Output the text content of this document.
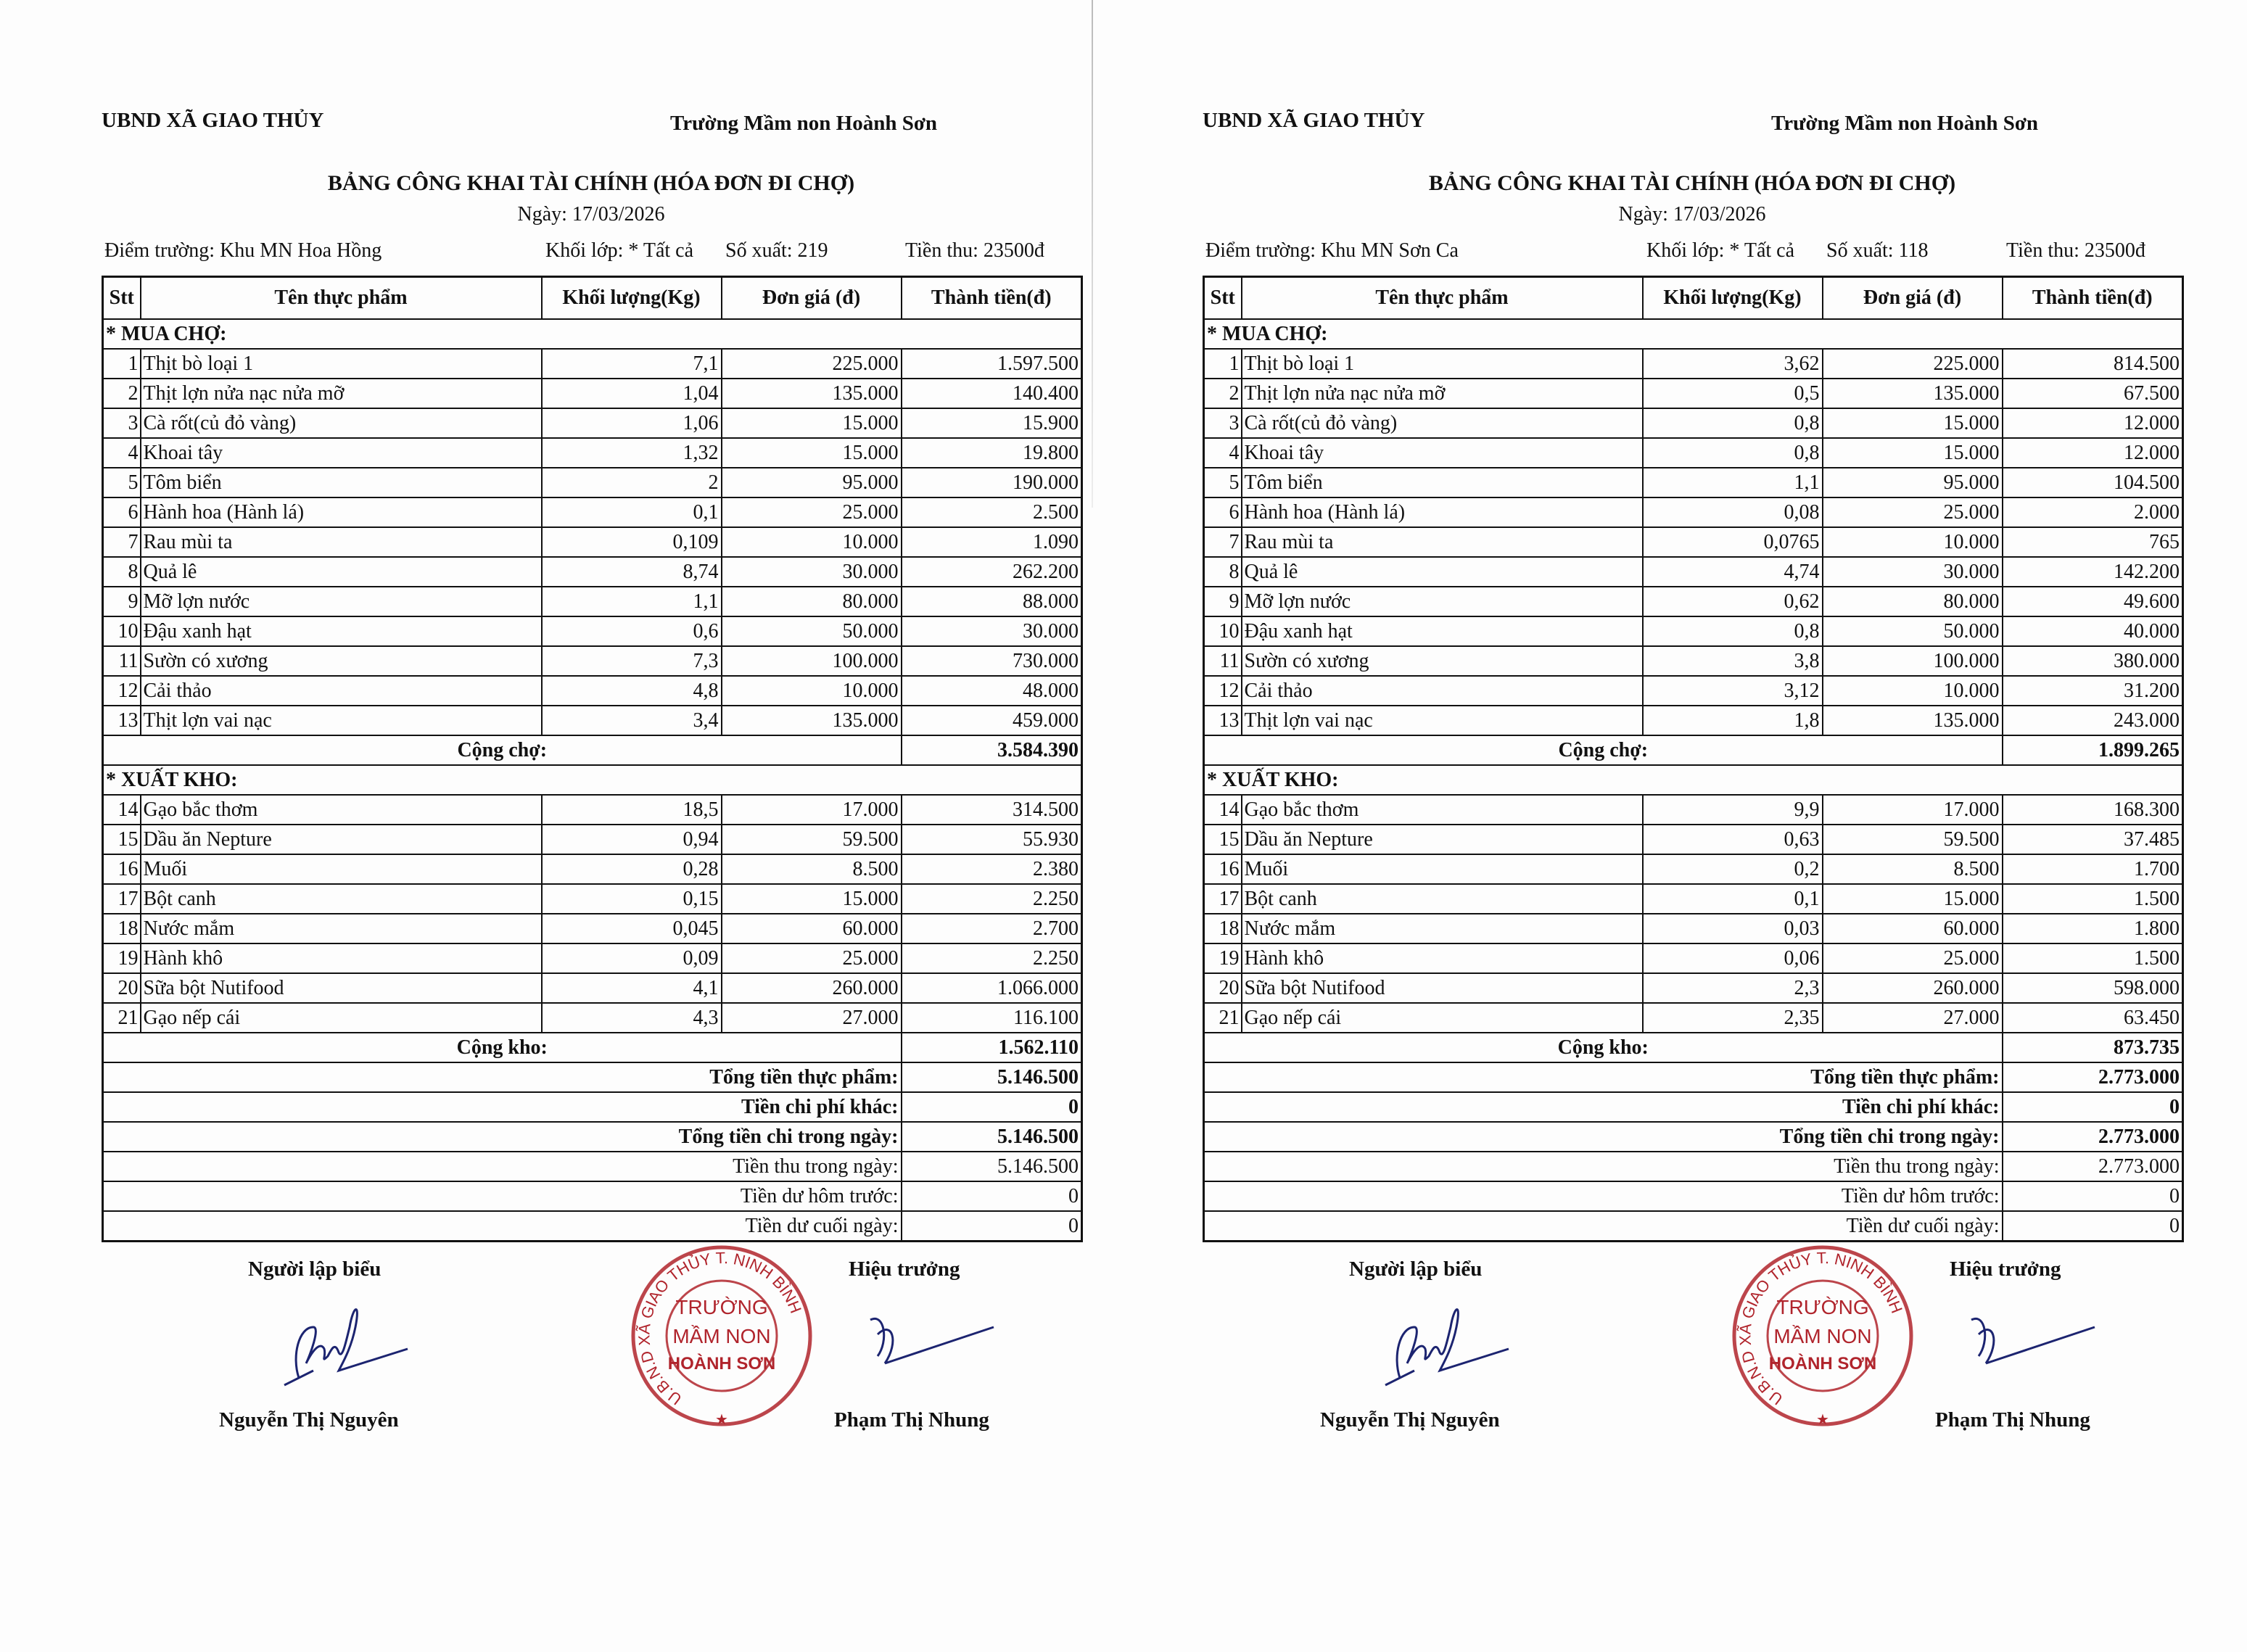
UBND XÃ GIAO THỦY	Trường Mầm non Hoành Sơn
BẢNG CÔNG KHAI TÀI CHÍNH (HÓA ĐƠN ĐI CHỢ)
Ngày: 17/03/2026
Điểm trường: Khu MN Hoa Hồng	Khối lớp: * Tất cả Số xuất: 219	Tiền thu: 23500đ
Stt	Tên thực phẩm	Khối lượng(Kg)	Đơn giá (đ)	Thành tiền(đ)
* MUA CHỢ:				
1	Thịt bò loại 1	7,1	225.000	1.597.500
2	Thịt lợn nửa nạc nửa mỡ	1,04	135.000	140.400
3	Cà rốt(củ đỏ vàng)	1,06	15.000	15.900
4	Khoai tây	1,32	15.000	19.800
5	Tôm biển	2	95.000	190.000
6	Hành hoa (Hành lá)	0,1	25.000	2.500
7	Rau mùi ta	0,109	10.000	1.090
8	Quả lê	8,74	30.000	262.200
9	Mỡ lợn nước	1,1	80.000	88.000
10	Đậu xanh hạt	0,6	50.000	30.000
11	Sườn có xương	7,3	100.000	730.000
12	Cải thảo	4,8	10.000	48.000
13	Thịt lợn vai nạc	3,4	135.000	459.000
Cộng chợ:				3.584.390
* XUẤT KHO:				
14	Gạo bắc thơm	18,5	17.000	314.500
15	Dầu ăn Nepture	0,94	59.500	55.930
16	Muối	0,28	8.500	2.380
17	Bột canh	0,15	15.000	2.250
18	Nước mắm	0,045	60.000	2.700
19	Hành khô	0,09	25.000	2.250
20	Sữa bột Nutifood	4,1	260.000	1.066.000
21	Gạo nếp cái	4,3	27.000	116.100
Cộng kho:				1.562.110
Tổng tiền thực phẩm:				5.146.500
Tiền chi phí khác:				0
Tổng tiền chi trong ngày:				5.146.500
Tiền thu trong ngày:				5.146.500
Tiền dư hôm trước:				0
Tiền dư cuối ngày:				0
Người lập biểu
Nguyễn Thị Nguyên
U.B.N.D XÃ GIAO THỦY T. NINH BÌNH
TRƯỜNG
MẦM NON
HOÀNH SƠN
★
Hiệu trưởng
Phạm Thị Nhung
UBND XÃ GIAO THỦY	Trường Mầm non Hoành Sơn
BẢNG CÔNG KHAI TÀI CHÍNH (HÓA ĐƠN ĐI CHỢ)
Ngày: 17/03/2026
Điểm trường: Khu MN Sơn Ca	Khối lớp: * Tất cả Số xuất: 118	Tiền thu: 23500đ
Stt	Tên thực phẩm	Khối lượng(Kg)	Đơn giá (đ)	Thành tiền(đ)
* MUA CHỢ:				
1	Thịt bò loại 1	3,62	225.000	814.500
2	Thịt lợn nửa nạc nửa mỡ	0,5	135.000	67.500
3	Cà rốt(củ đỏ vàng)	0,8	15.000	12.000
4	Khoai tây	0,8	15.000	12.000
5	Tôm biển	1,1	95.000	104.500
6	Hành hoa (Hành lá)	0,08	25.000	2.000
7	Rau mùi ta	0,0765	10.000	765
8	Quả lê	4,74	30.000	142.200
9	Mỡ lợn nước	0,62	80.000	49.600
10	Đậu xanh hạt	0,8	50.000	40.000
11	Sườn có xương	3,8	100.000	380.000
12	Cải thảo	3,12	10.000	31.200
13	Thịt lợn vai nạc	1,8	135.000	243.000
Cộng chợ:				1.899.265
* XUẤT KHO:				
14	Gạo bắc thơm	9,9	17.000	168.300
15	Dầu ăn Nepture	0,63	59.500	37.485
16	Muối	0,2	8.500	1.700
17	Bột canh	0,1	15.000	1.500
18	Nước mắm	0,03	60.000	1.800
19	Hành khô	0,06	25.000	1.500
20	Sữa bột Nutifood	2,3	260.000	598.000
21	Gạo nếp cái	2,35	27.000	63.450
Cộng kho:				873.735
Tổng tiền thực phẩm:				2.773.000
Tiền chi phí khác:				0
Tổng tiền chi trong ngày:				2.773.000
Tiền thu trong ngày:				2.773.000
Tiền dư hôm trước:				0
Tiền dư cuối ngày:				0
Người lập biểu
Nguyễn Thị Nguyên
U.B.N.D XÃ GIAO THỦY T. NINH BÌNH
TRƯỜNG
MẦM NON
HOÀNH SƠN
★
Hiệu trưởng
Phạm Thị Nhung
